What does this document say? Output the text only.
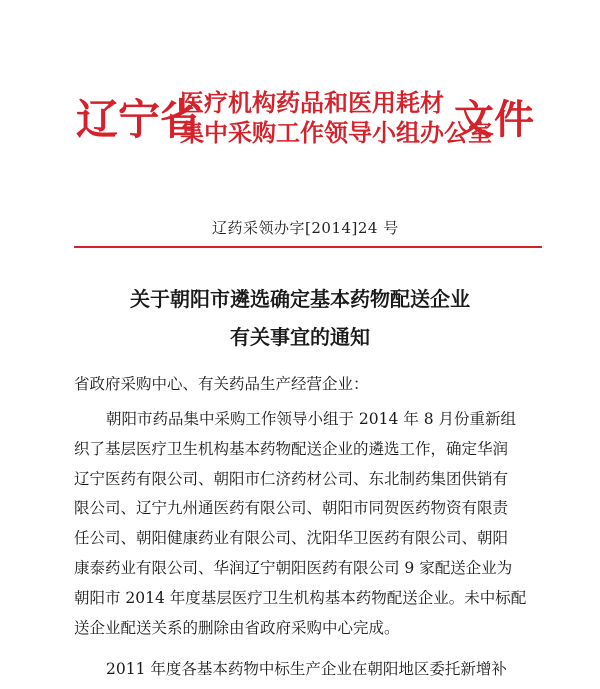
辽宁省
医疗机构药品和医用耗材
集中采购工作领导小组办公室
文件
辽药采领办字[2014]24 号
关于朝阳市遴选确定基本药物配送企业
有关事宜的通知
省政府采购中心、有关药品生产经营企业：
朝阳市药品集中采购工作领导小组于 2014 年 8 月份重新组
织了基层医疗卫生机构基本药物配送企业的遴选工作，确定华润
辽宁医药有限公司、朝阳市仁济药材公司、东北制药集团供销有
限公司、辽宁九州通医药有限公司、朝阳市同贺医药物资有限责
任公司、朝阳健康药业有限公司、沈阳华卫医药有限公司、朝阳
康泰药业有限公司、华润辽宁朝阳医药有限公司 9 家配送企业为
朝阳市 2014 年度基层医疗卫生机构基本药物配送企业。未中标配
送企业配送关系的删除由省政府采购中心完成。
2011 年度各基本药物中标生产企业在朝阳地区委托新增补
